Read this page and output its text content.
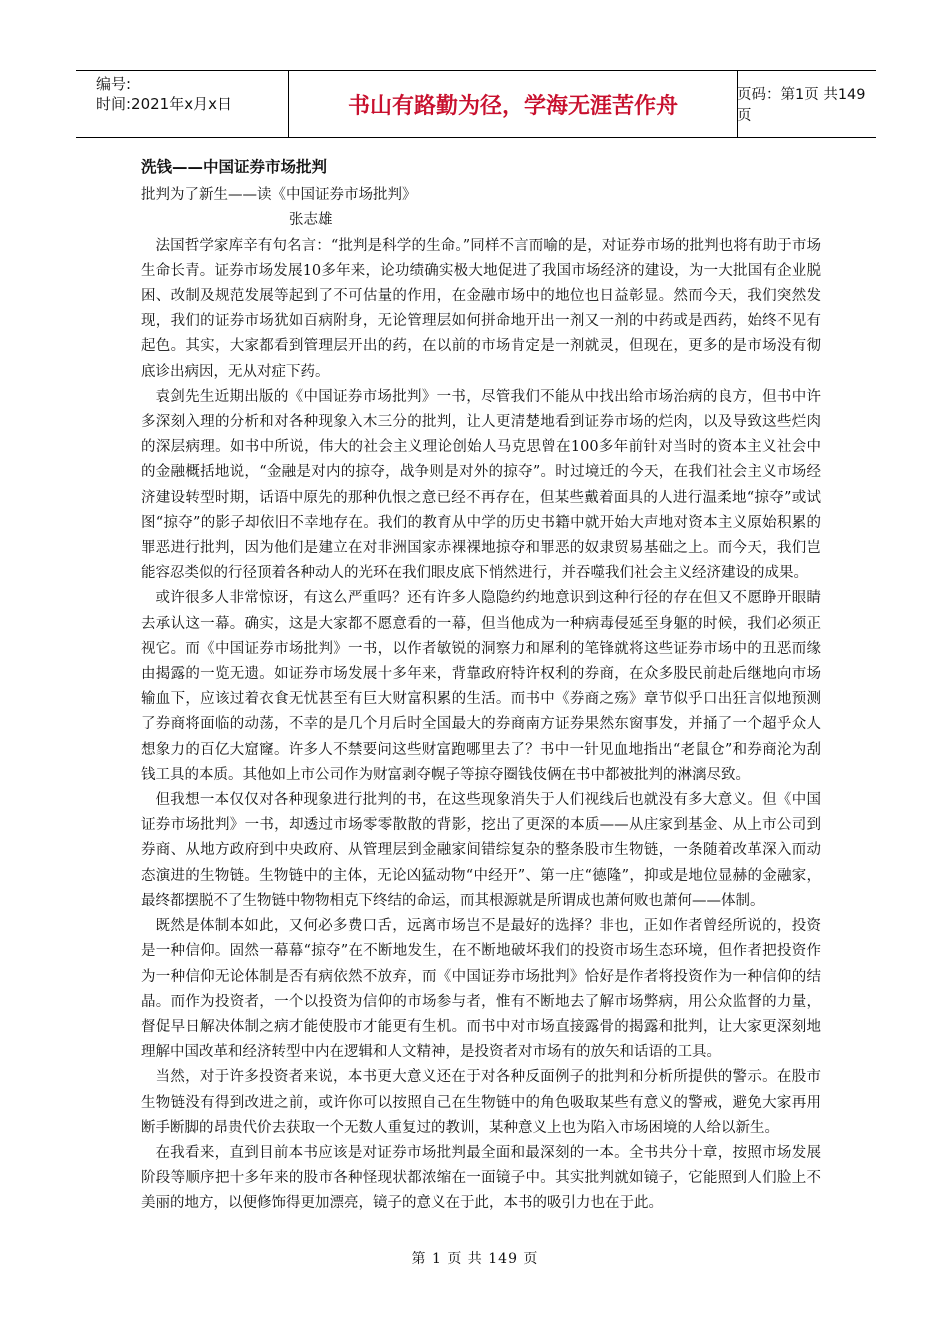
编号:
时间:2021年x月x日	书山有路勤为径，学海无涯苦作舟	页码：第1页 共149页
洗钱——中国证券市场批判
批判为了新生——读《中国证券市场批判》
张志雄

法国哲学家库辛有句名言：“批判是科学的生命。”同样不言而喻的是，对证券市场的批判也将有助于市场生命长青。证券市场发展10多年来，论功绩确实极大地促进了我国市场经济的建设，为一大批国有企业脱困、改制及规范发展等起到了不可估量的作用，在金融市场中的地位也日益彰显。然而今天，我们突然发现，我们的证券市场犹如百病附身，无论管理层如何拼命地开出一剂又一剂的中药或是西药，始终不见有起色。其实，大家都看到管理层开出的药，在以前的市场肯定是一剂就灵，但现在，更多的是市场没有彻底诊出病因，无从对症下药。

袁剑先生近期出版的《中国证券市场批判》一书，尽管我们不能从中找出给市场治病的良方，但书中许多深刻入理的分析和对各种现象入木三分的批判，让人更清楚地看到证券市场的烂肉，以及导致这些烂肉的深层病理。如书中所说，伟大的社会主义理论创始人马克思曾在100多年前针对当时的资本主义社会中的金融概括地说，“金融是对内的掠夺，战争则是对外的掠夺”。时过境迁的今天，在我们社会主义市场经济建设转型时期，话语中原先的那种仇恨之意已经不再存在，但某些戴着面具的人进行温柔地“掠夺”或试图“掠夺”的影子却依旧不幸地存在。我们的教育从中学的历史书籍中就开始大声地对资本主义原始积累的罪恶进行批判，因为他们是建立在对非洲国家赤裸裸地掠夺和罪恶的奴隶贸易基础之上。而今天，我们岂能容忍类似的行径顶着各种动人的光环在我们眼皮底下悄然进行，并吞噬我们社会主义经济建设的成果。

或许很多人非常惊讶，有这么严重吗？还有许多人隐隐约约地意识到这种行径的存在但又不愿睁开眼睛去承认这一幕。确实，这是大家都不愿意看的一幕，但当他成为一种病毒侵延至身躯的时候，我们必须正视它。而《中国证券市场批判》一书，以作者敏锐的洞察力和犀利的笔锋就将这些证券市场中的丑恶而缘由揭露的一览无遗。如证券市场发展十多年来，背靠政府特许权利的券商，在众多股民前赴后继地向市场输血下，应该过着衣食无忧甚至有巨大财富积累的生活。而书中《券商之殇》章节似乎口出狂言似地预测了券商将面临的动荡，不幸的是几个月后时全国最大的券商南方证券果然东窗事发，并捅了一个超乎众人想象力的百亿大窟窿。许多人不禁要问这些财富跑哪里去了？书中一针见血地指出“老鼠仓”和券商沦为刮钱工具的本质。其他如上市公司作为财富剥夺幌子等掠夺圈钱伎俩在书中都被批判的淋漓尽致。

但我想一本仅仅对各种现象进行批判的书，在这些现象消失于人们视线后也就没有多大意义。但《中国证券市场批判》一书，却透过市场零零散散的背影，挖出了更深的本质——从庄家到基金、从上市公司到券商、从地方政府到中央政府、从管理层到金融家间错综复杂的整条股市生物链，一条随着改革深入而动态演进的生物链。生物链中的主体，无论凶猛动物“中经开”、第一庄“德隆”，抑或是地位显赫的金融家，最终都摆脱不了生物链中物物相克下终结的命运，而其根源就是所谓成也萧何败也萧何——体制。

既然是体制本如此，又何必多费口舌，远离市场岂不是最好的选择？非也，正如作者曾经所说的，投资是一种信仰。固然一幕幕“掠夺”在不断地发生，在不断地破坏我们的投资市场生态环境，但作者把投资作为一种信仰无论体制是否有病依然不放弃，而《中国证券市场批判》恰好是作者将投资作为一种信仰的结晶。而作为投资者，一个以投资为信仰的市场参与者，惟有不断地去了解市场弊病，用公众监督的力量，督促早日解决体制之病才能使股市才能更有生机。而书中对市场直接露骨的揭露和批判，让大家更深刻地理解中国改革和经济转型中内在逻辑和人文精神，是投资者对市场有的放矢和话语的工具。

当然，对于许多投资者来说，本书更大意义还在于对各种反面例子的批判和分析所提供的警示。在股市生物链没有得到改进之前，或许你可以按照自己在生物链中的角色吸取某些有意义的警戒，避免大家再用断手断脚的昂贵代价去获取一个无数人重复过的教训，某种意义上也为陷入市场困境的人给以新生。

在我看来，直到目前本书应该是对证券市场批判最全面和最深刻的一本。全书共分十章，按照市场发展阶段等顺序把十多年来的股市各种怪现状都浓缩在一面镜子中。其实批判就如镜子，它能照到人们脸上不美丽的地方，以便修饰得更加漂亮，镜子的意义在于此，本书的吸引力也在于此。

第 1 页 共 149 页
